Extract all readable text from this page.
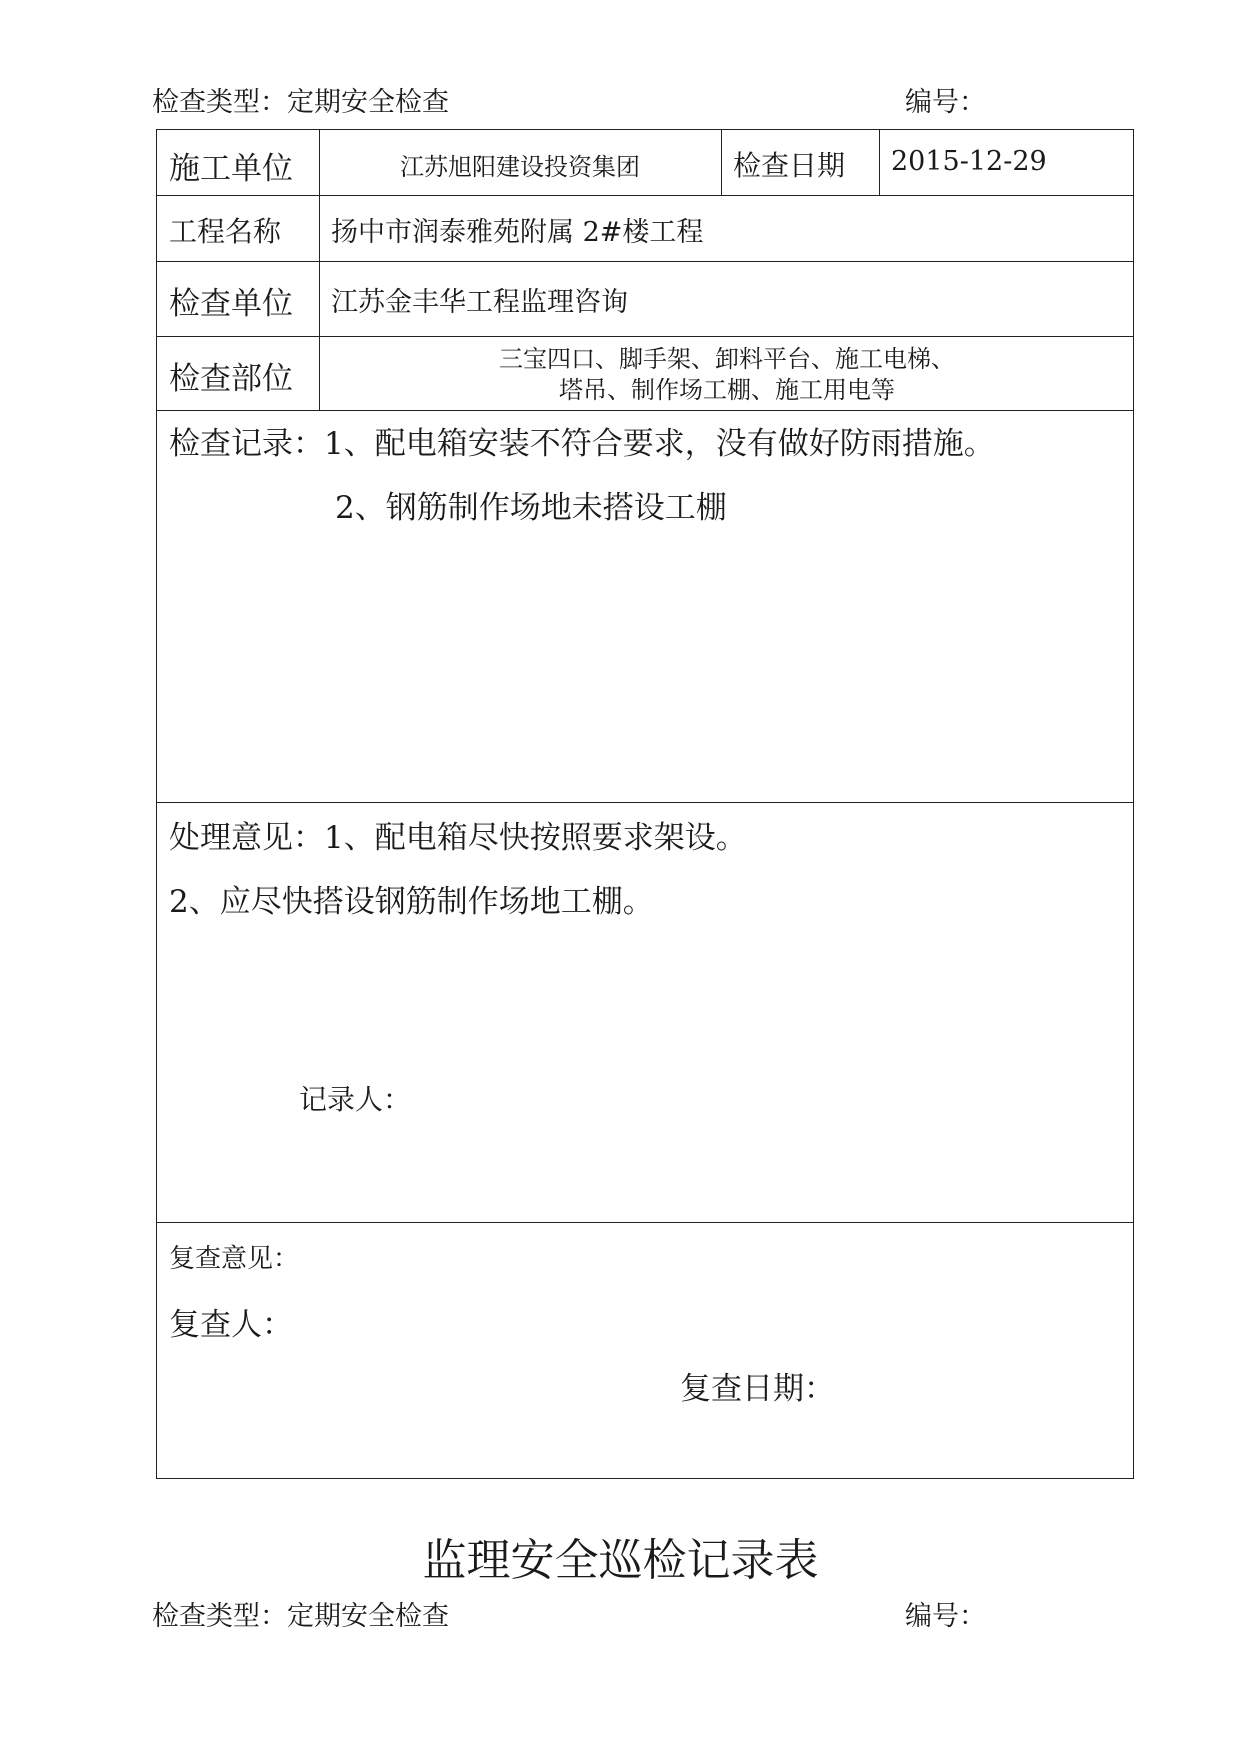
检查类型：定期安全检查	编号：
施工单位	江苏旭阳建设投资集团	检查日期 2015-12-29
工程名称 扬中市润泰雅苑附属 2#楼工程
检查单位 江苏金丰华工程监理咨询
检查部位
三宝四口、脚手架、卸料平台、施工电梯、
塔吊、制作场工棚、施工用电等
检查记录：1、配电箱安装不符合要求，没有做好防雨措施。
2、钢筋制作场地未搭设工棚
处理意见：1、配电箱尽快按照要求架设。
2、应尽快搭设钢筋制作场地工棚。
记录人：
复查意见：
复查人：
复查日期：
监理安全巡检记录表
检查类型：定期安全检查	编号：
